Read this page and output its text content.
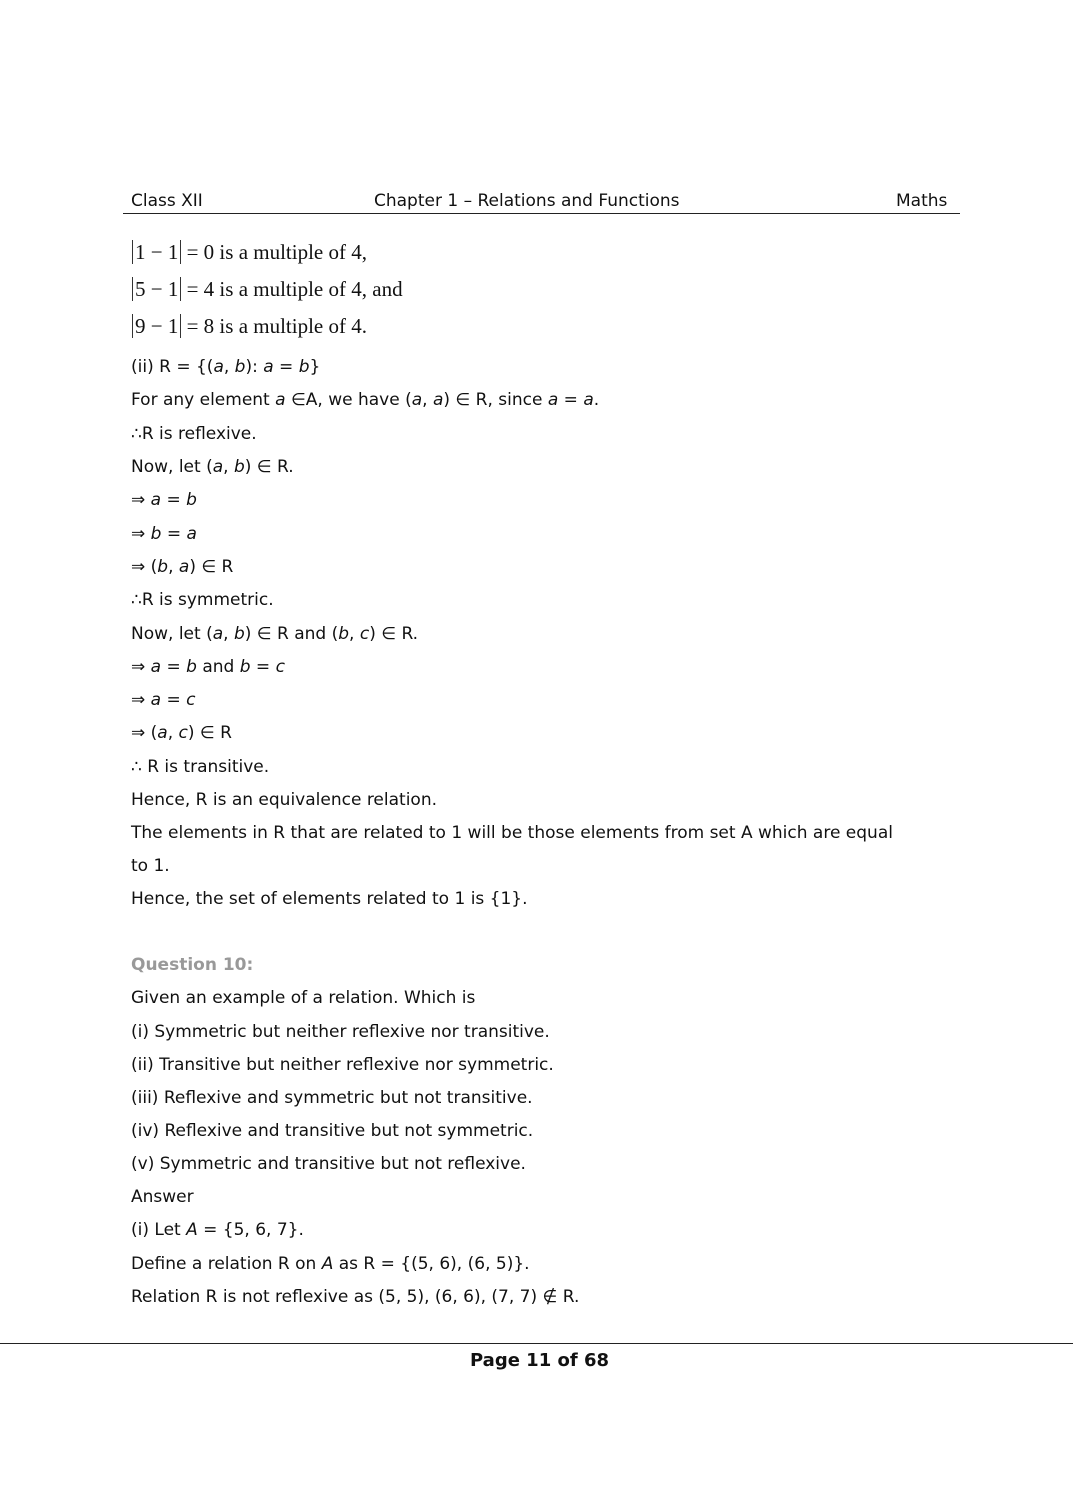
Class XII	Chapter 1 – Relations and Functions	Maths
1 − 1 = 0 is a multiple of 4,
5 − 1 = 4 is a multiple of 4, and
9 − 1 = 8 is a multiple of 4.
(ii) R = {(a, b): a = b}
For any element a ∈A, we have (a, a) ∈ R, since a = a.
∴R is reflexive.
Now, let (a, b) ∈ R.
⇒ a = b
⇒ b = a
⇒ (b, a) ∈ R
∴R is symmetric.
Now, let (a, b) ∈ R and (b, c) ∈ R.
⇒ a = b and b = c
⇒ a = c
⇒ (a, c) ∈ R
∴ R is transitive.
Hence, R is an equivalence relation.
The elements in R that are related to 1 will be those elements from set A which are equal
to 1.
Hence, the set of elements related to 1 is {1}.
Question 10:
Given an example of a relation. Which is
(i) Symmetric but neither reflexive nor transitive.
(ii) Transitive but neither reflexive nor symmetric.
(iii) Reflexive and symmetric but not transitive.
(iv) Reflexive and transitive but not symmetric.
(v) Symmetric and transitive but not reflexive.
Answer
(i) Let A = {5, 6, 7}.
Define a relation R on A as R = {(5, 6), (6, 5)}.
Relation R is not reflexive as (5, 5), (6, 6), (7, 7) ∉ R.
Page 11 of 68
